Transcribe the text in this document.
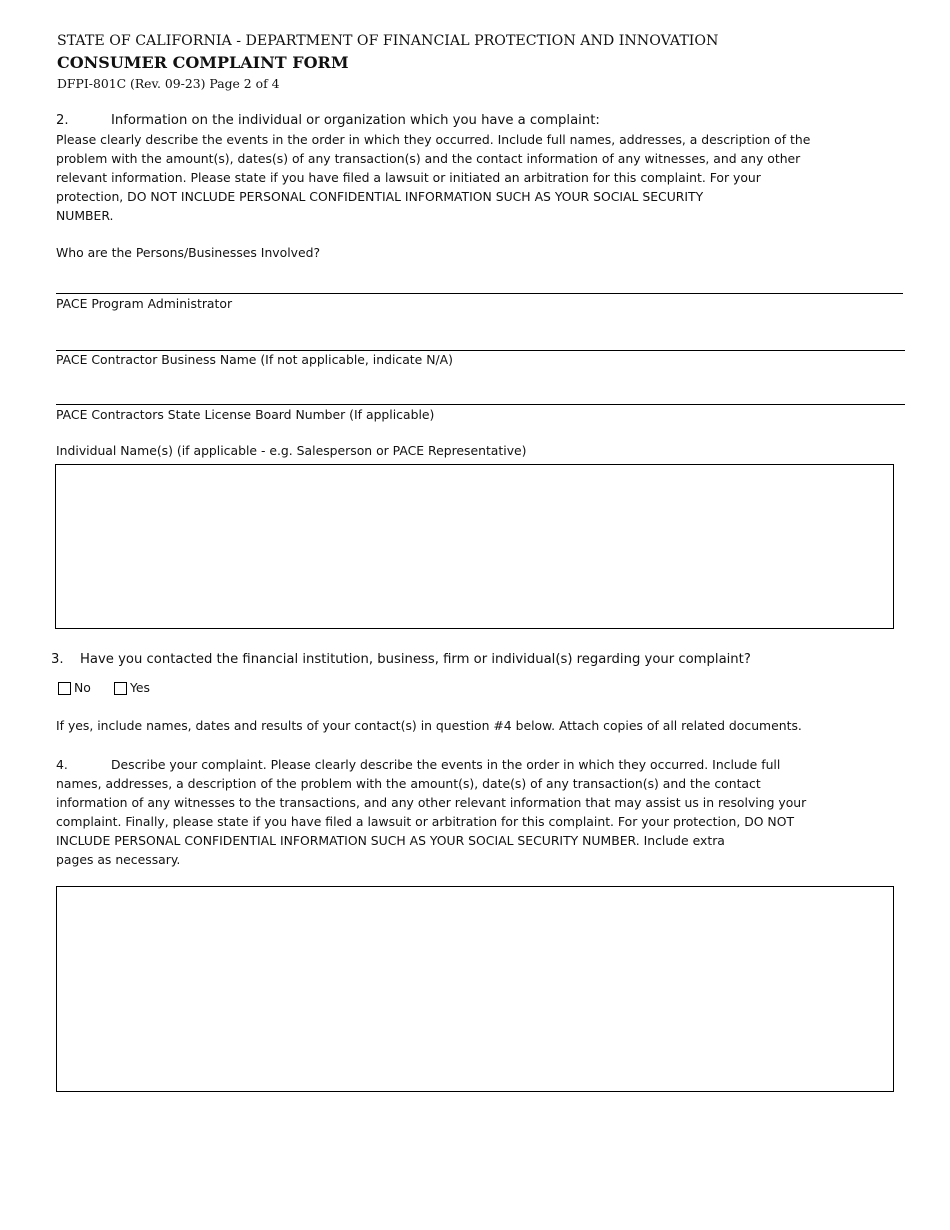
STATE OF CALIFORNIA - DEPARTMENT OF FINANCIAL PROTECTION AND INNOVATION
CONSUMER COMPLAINT FORM
DFPI-801C (Rev. 09-23) Page 2 of 4
2.	Information on the individual or organization which you have a complaint:
Please clearly describe the events in the order in which they occurred. Include full names, addresses, a description of the
problem with the amount(s), dates(s) of any transaction(s) and the contact information of any witnesses, and any other
relevant information. Please state if you have filed a lawsuit or initiated an arbitration for this complaint. For your
protection, DO NOT INCLUDE PERSONAL CONFIDENTIAL INFORMATION SUCH AS YOUR SOCIAL SECURITY
NUMBER.
Who are the Persons/Businesses Involved?
PACE Program Administrator
PACE Contractor Business Name (If not applicable, indicate N/A)
PACE Contractors State License Board Number (If applicable)
Individual Name(s) (if applicable - e.g. Salesperson or PACE Representative)
3. Have you contacted the financial institution, business, firm or individual(s) regarding your complaint?
No	Yes
If yes, include names, dates and results of your contact(s) in question #4 below. Attach copies of all related documents.
4.	Describe your complaint. Please clearly describe the events in the order in which they occurred. Include full
names, addresses, a description of the problem with the amount(s), date(s) of any transaction(s) and the contact
information of any witnesses to the transactions, and any other relevant information that may assist us in resolving your
complaint. Finally, please state if you have filed a lawsuit or arbitration for this complaint. For your protection, DO NOT
INCLUDE PERSONAL CONFIDENTIAL INFORMATION SUCH AS YOUR SOCIAL SECURITY NUMBER. Include extra
pages as necessary.
